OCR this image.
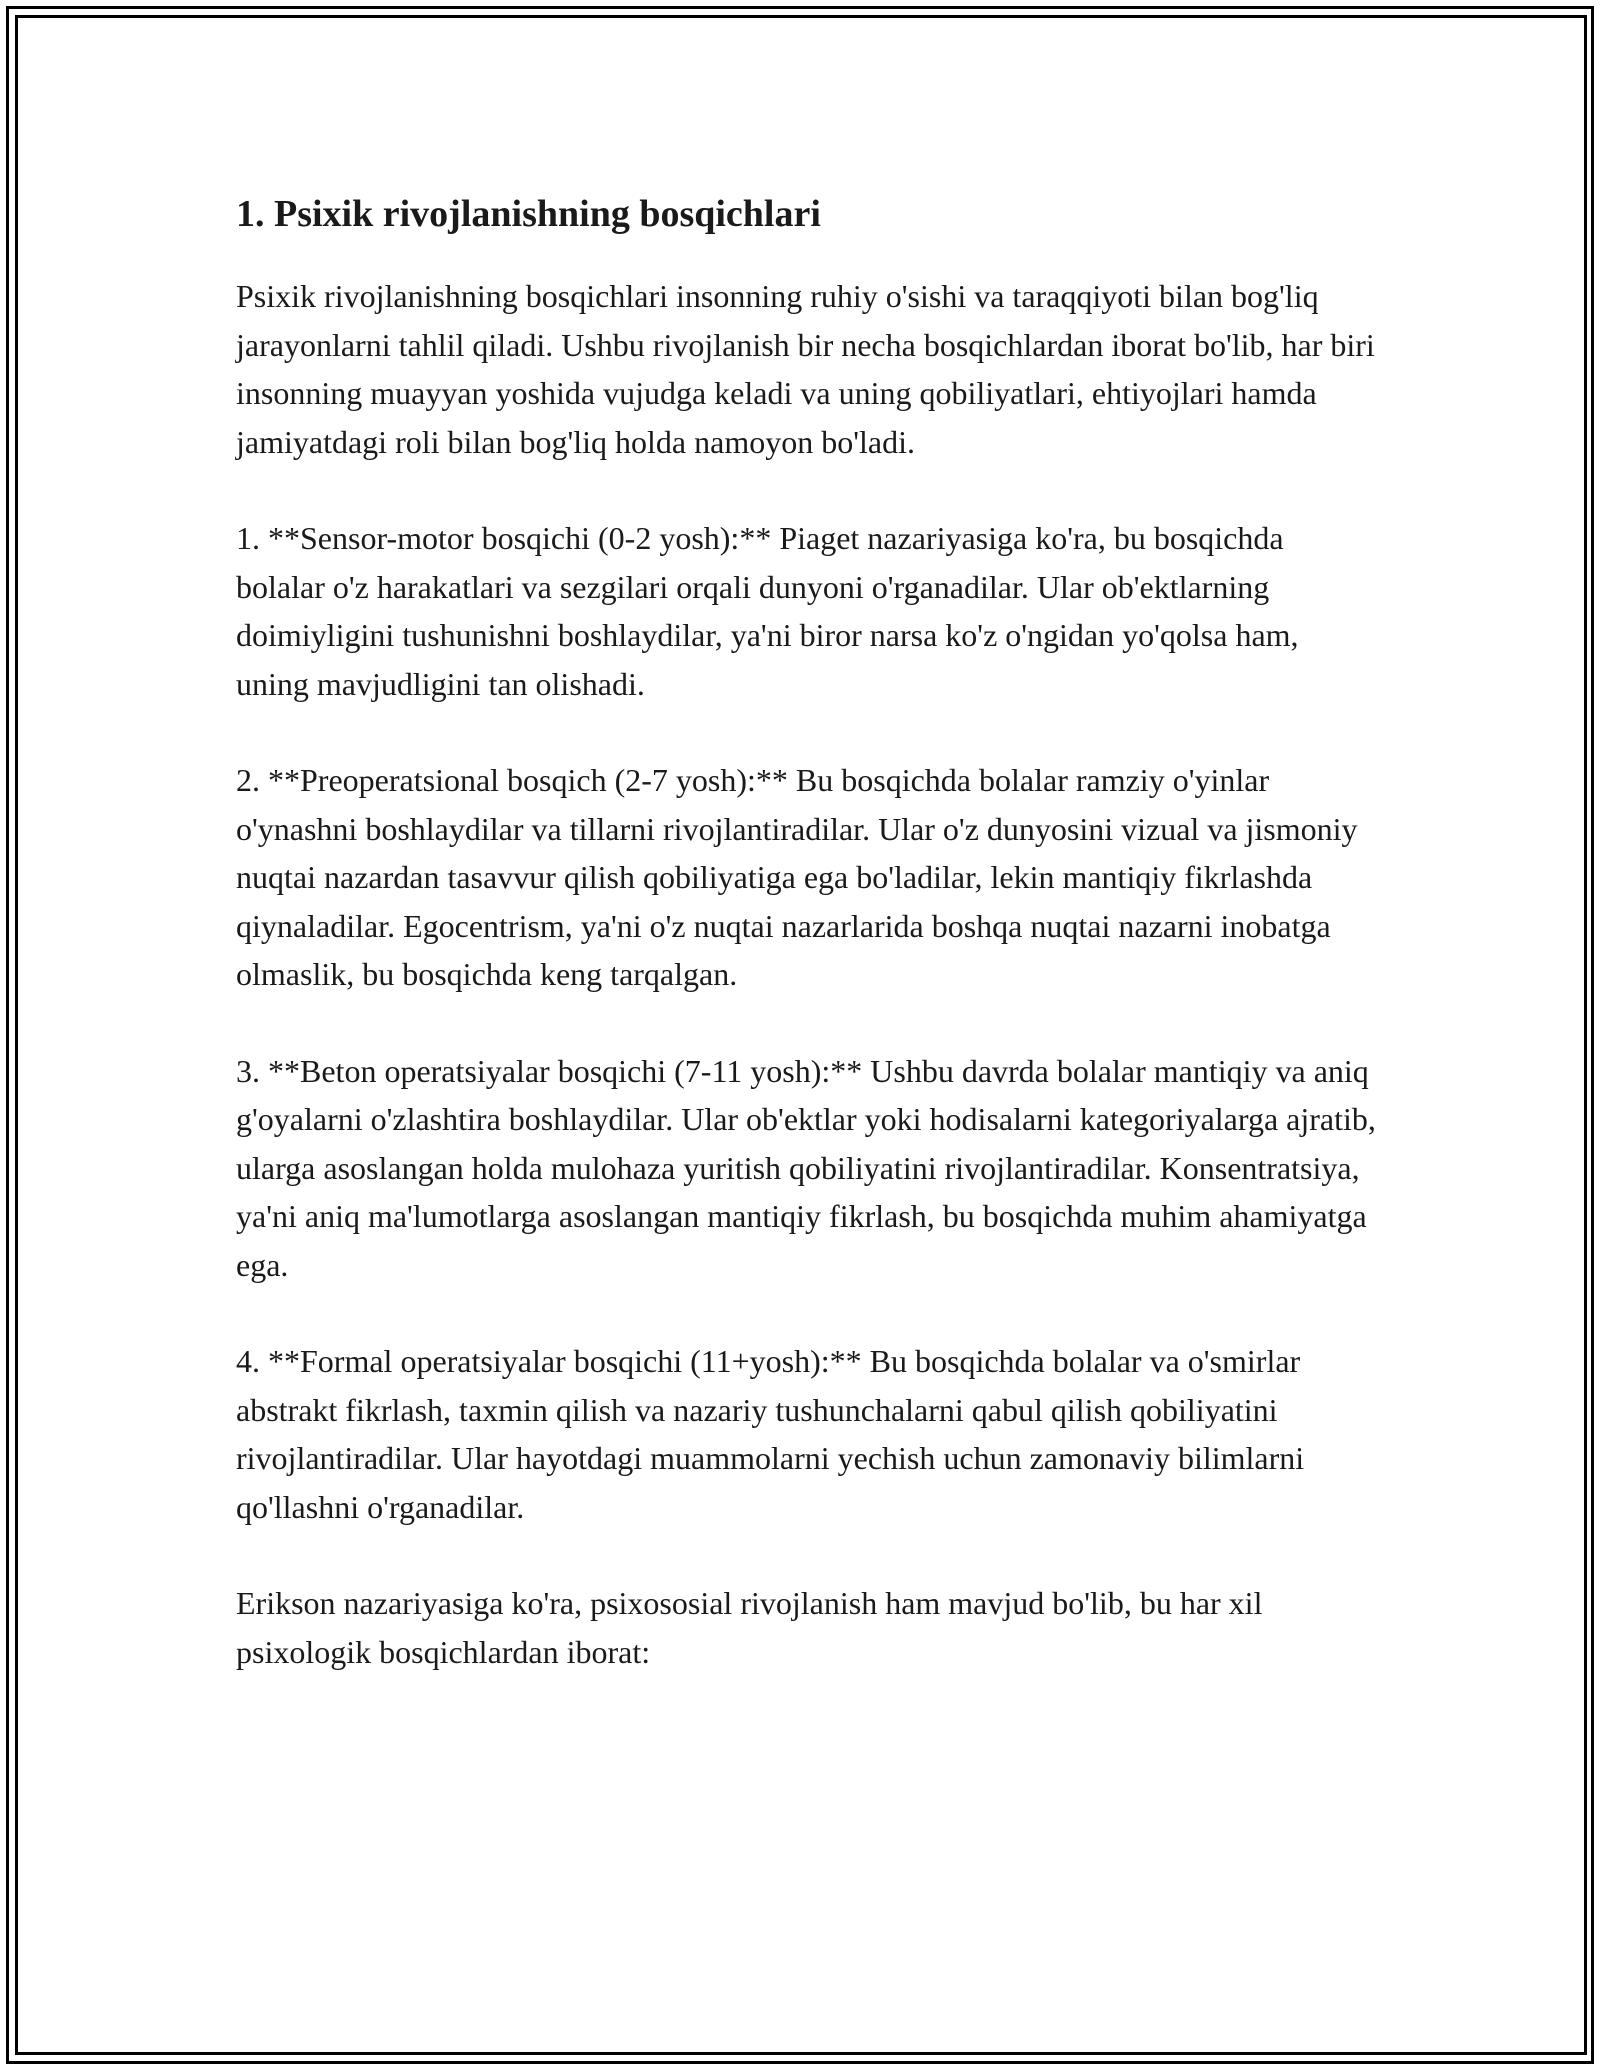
1. Psixik rivojlanishning bosqichlari

Psixik rivojlanishning bosqichlari insonning ruhiy o'sishi va taraqqiyoti bilan bog'liq jarayonlarni tahlil qiladi. Ushbu rivojlanish bir necha bosqichlardan iborat bo'lib, har biri insonning muayyan yoshida vujudga keladi va uning qobiliyatlari, ehtiyojlari hamda jamiyatdagi roli bilan bog'liq holda namoyon bo'ladi.

1. **Sensor-motor bosqichi (0-2 yosh):** Piaget nazariyasiga ko'ra, bu bosqichda bolalar o'z harakatlari va sezgilari orqali dunyoni o'rganadilar. Ular ob'ektlarning doimiyligini tushunishni boshlaydilar, ya'ni biror narsa ko'z o'ngidan yo'qolsa ham, uning mavjudligini tan olishadi.

2. **Preoperatsional bosqich (2-7 yosh):** Bu bosqichda bolalar ramziy o'yinlar o'ynashni boshlaydilar va tillarni rivojlantiradilar. Ular o'z dunyosini vizual va jismoniy nuqtai nazardan tasavvur qilish qobiliyatiga ega bo'ladilar, lekin mantiqiy fikrlashda qiynaladilar. Egocentrism, ya'ni o'z nuqtai nazarlarida boshqa nuqtai nazarni inobatga olmaslik, bu bosqichda keng tarqalgan.

3. **Beton operatsiyalar bosqichi (7-11 yosh):** Ushbu davrda bolalar mantiqiy va aniq g'oyalarni o'zlashtira boshlaydilar. Ular ob'ektlar yoki hodisalarni kategoriyalarga ajratib, ularga asoslangan holda mulohaza yuritish qobiliyatini rivojlantiradilar. Konsentratsiya, ya'ni aniq ma'lumotlarga asoslangan mantiqiy fikrlash, bu bosqichda muhim ahamiyatga ega.

4. **Formal operatsiyalar bosqichi (11+yosh):** Bu bosqichda bolalar va o'smirlar abstrakt fikrlash, taxmin qilish va nazariy tushunchalarni qabul qilish qobiliyatini rivojlantiradilar. Ular hayotdagi muammolarni yechish uchun zamonaviy bilimlarni qo'llashni o'rganadilar.

Erikson nazariyasiga ko'ra, psixososial rivojlanish ham mavjud bo'lib, bu har xil psixologik bosqichlardan iborat:
